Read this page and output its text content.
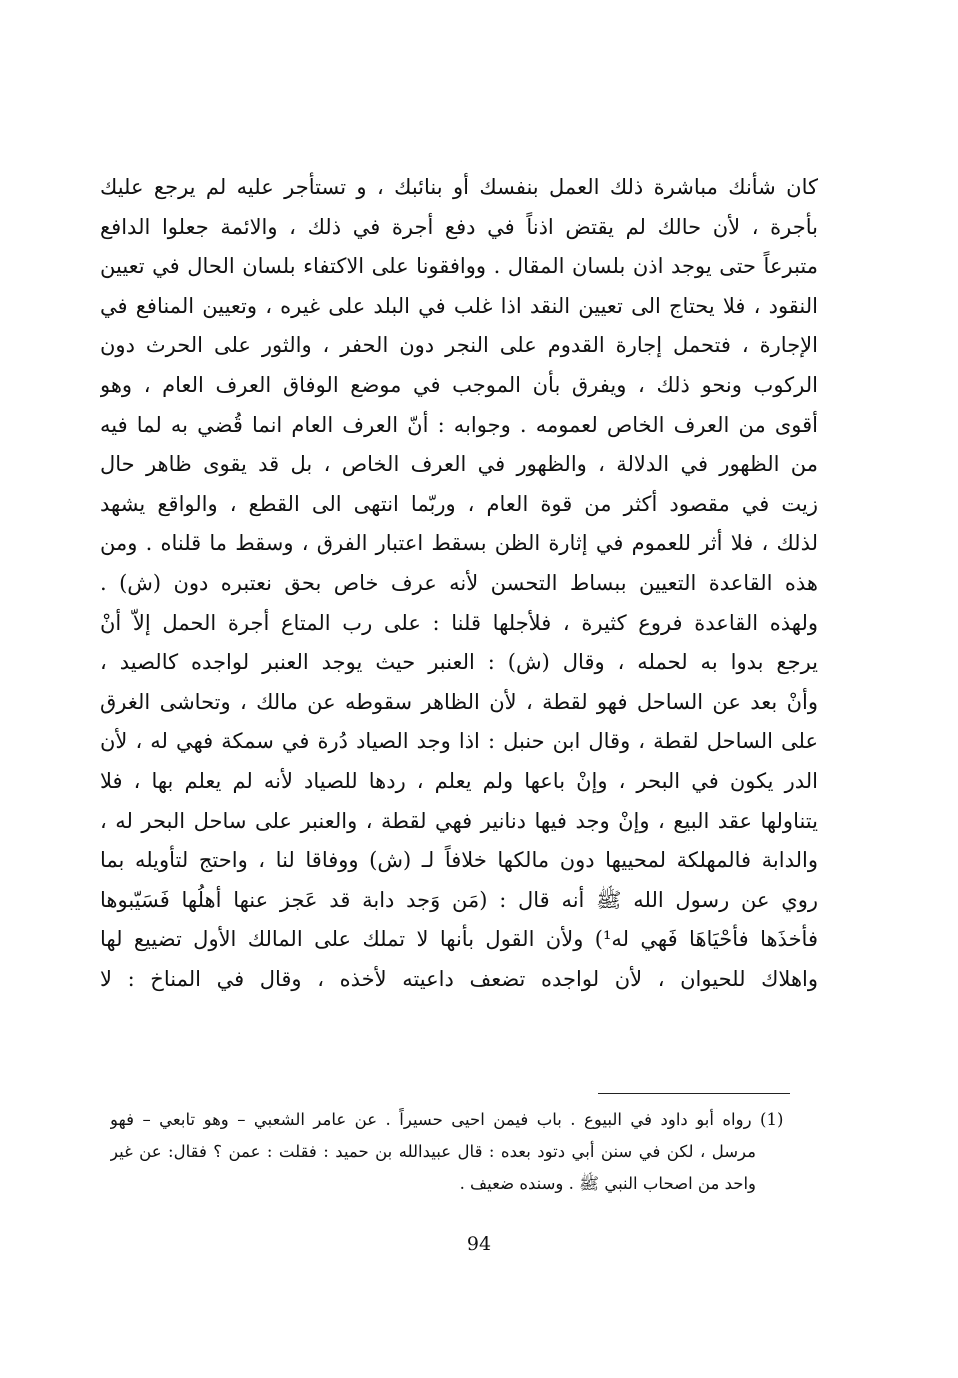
كان شأنك مباشرة ذلك العمل بنفسك أو بنائبك ، و تستأجر عليه لم يرجع عليك
بأجرة ، لأن حالك لم يقتض اذناً في دفع أجرة في ذلك ، والائمة جعلوا الدافع
متبرعاً حتى يوجد اذن بلسان المقال . ووافقونا على الاكتفاء بلسان الحال في تعيين
النقود ، فلا يحتاج الى تعيين النقد اذا غلب في البلد على غيره ، وتعيين المنافع في
الإجارة ، فتحمل إجارة القدوم على النجر دون الحفر ، والثور على الحرث دون
الركوب ونحو ذلك ، ويفرق بأن الموجب في موضع الوفاق العرف العام ، وهو
أقوى من العرف الخاص لعمومه . وجوابه : أنّ العرف العام انما قُضي به لما فيه
من الظهور في الدلالة ، والظهور في العرف الخاص ، بل قد يقوى ظاهر حال
زيت في مقصود أكثر من قوة العام ، وربّما انتهى الى القطع ، والواقع يشهد
لذلك ، فلا أثر للعموم في إثارة الظن بسقط اعتبار الفرق ، وسقط ما قلناه . ومن
هذه القاعدة التعيين ببساط التحسن لأنه عرف خاص بحق نعتبره دون (ش) .
ولهذه القاعدة فروع كثيرة ، فلأجلها قلنا : على رب المتاع أجرة الحمل إلاّ أنْ
يرجع بدوا به لحمله ، وقال (ش) : العنبر حيث يوجد العنبر لواجده كالصيد ،
وأنْ بعد عن الساحل فهو لقطة ، لأن الظاهر سقوطه عن مالك ، وتحاشى الغرق
على الساحل لقطة ، وقال ابن حنبل : اذا وجد الصياد دُرة في سمكة فهي له ، لأن
الدر يكون في البحر ، وإنْ باعها ولم يعلم ، ردها للصياد لأنه لم يعلم بها ، فلا
يتناولها عقد البيع ، وإنْ وجد فيها دنانير فهي لقطة ، والعنبر على ساحل البحر له ،
والدابة فالمهلكة لمحييها دون مالكها خلافاً لـ (ش) ووفاقا لنا ، واحتج لتأويله بما
روي عن رسول الله ﷺ أنه قال : (مَن وَجد دابة قد عَجز عنها أهلُها فَسَيّبوها
فأخذَها فأحْيَاهَا فَهي له¹) ولأن القول بأنها لا تملك على المالك الأول تضييع لها
واهلاك للحيوان ، لأن لواجده تضعف داعيته لأخذه ، وقال في المناخ : لا
(1) رواه أبو داود في البيوع . باب فيمن احيى حسيراً . عن عامر الشعبي – وهو تابعي – فهو
مرسل ، لكن في سنن أبي دتود بعده : قال عبيدالله بن حميد : فقلت : عمن ؟ فقال: عن غير
واحد من اصحاب النبي ﷺ . وسنده ضعيف .
94
